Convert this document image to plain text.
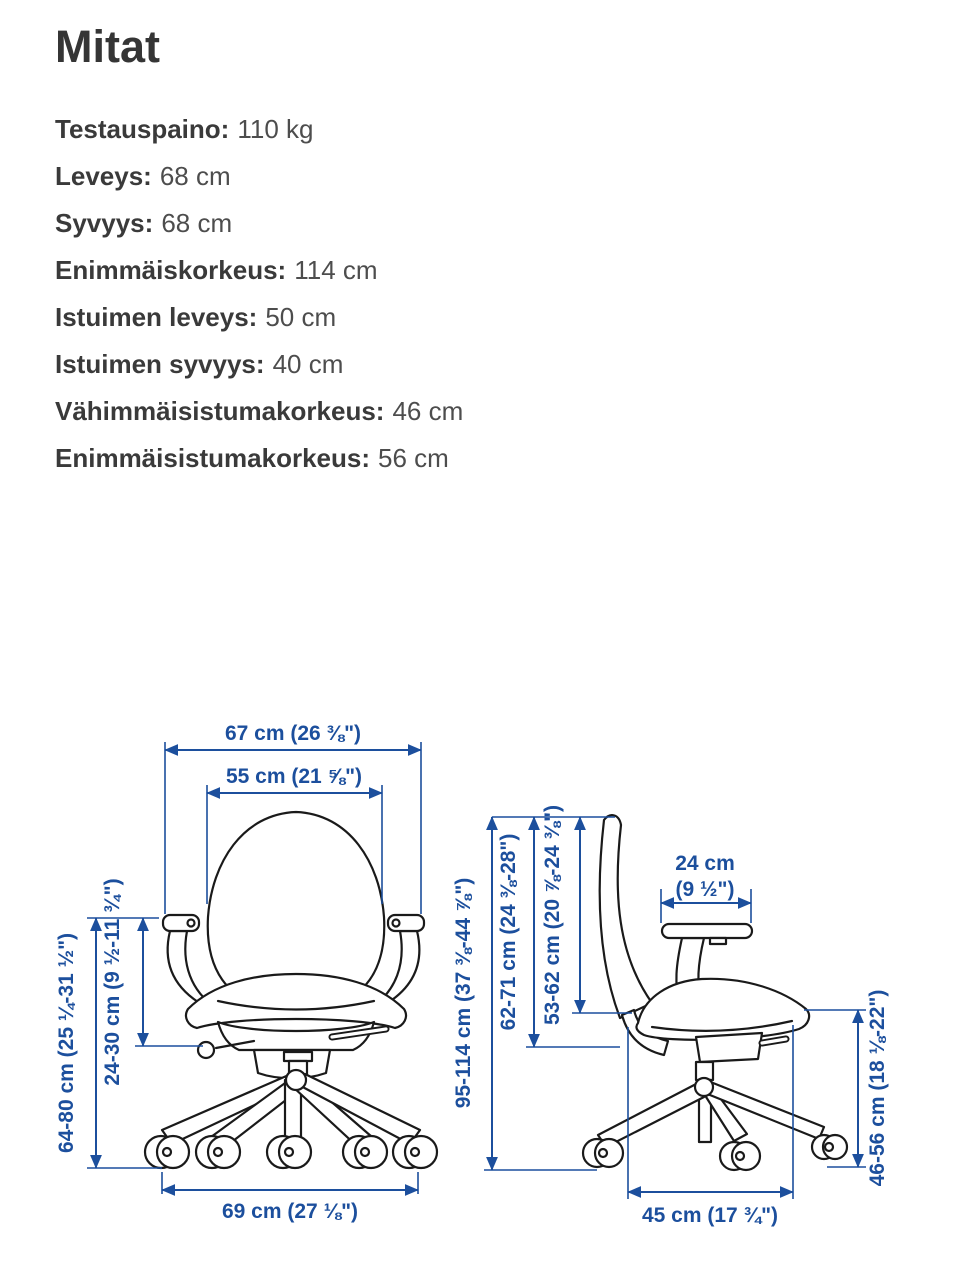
Mitat
Testauspaino: 110 kg
Leveys: 68 cm
Syvyys: 68 cm
Enimmäiskorkeus: 114 cm
Istuimen leveys: 50 cm
Istuimen syvyys: 40 cm
Vähimmäisistumakorkeus: 46 cm
Enimmäisistumakorkeus: 56 cm
67 cm (26 ⅜")
55 cm (21 ⅝")
64-80 cm (25 ¼-31 ½") 24-30 cm (9 ½-11 ¾")
69 cm (27 ⅛")
95-114 cm (37 ⅜-44 ⅞") 62-71 cm (24 ⅜-28") 53-62 cm (20 ⅞-24 ⅜")	24 cm
(9 ½")
46-56 cm (18 ⅛-22")
45 cm (17 ¾")
